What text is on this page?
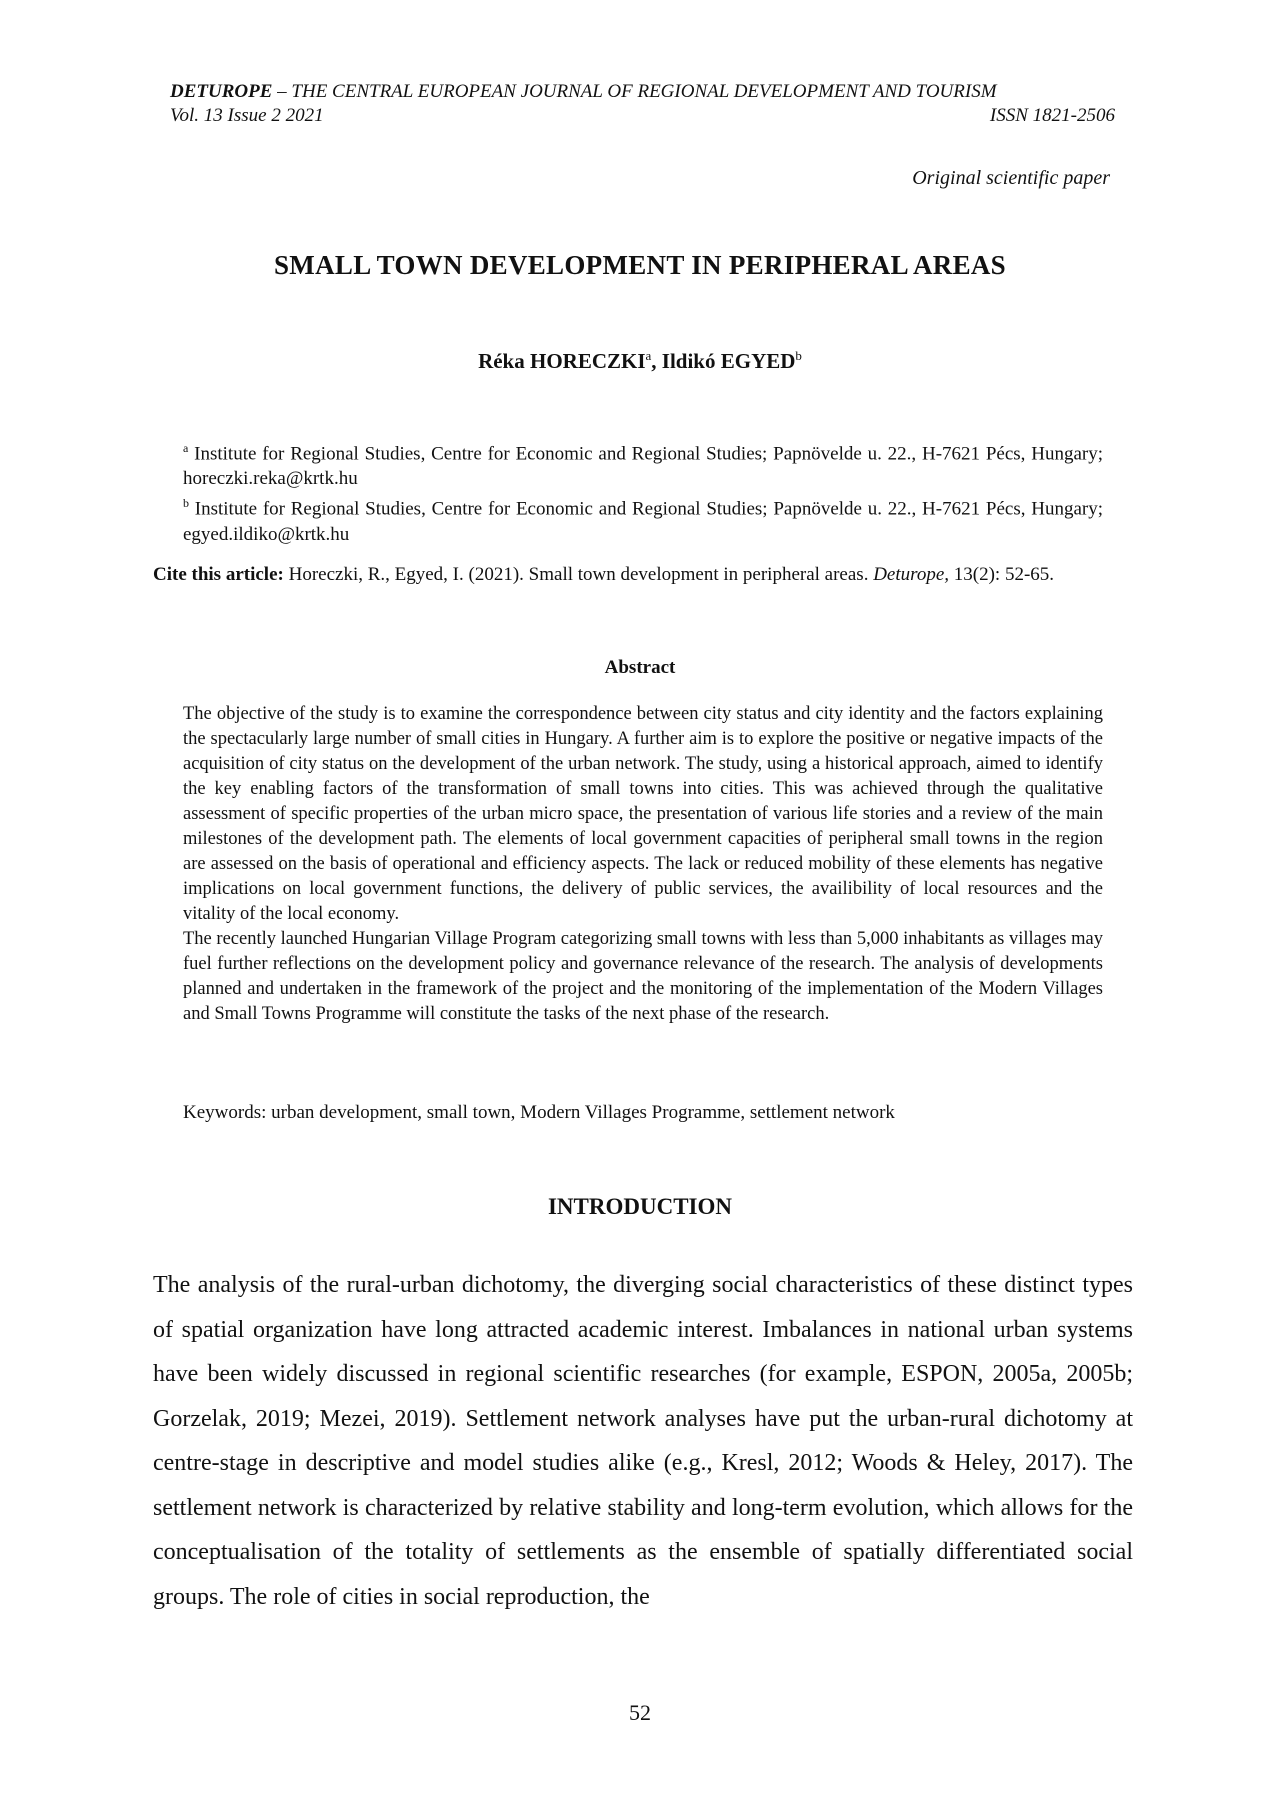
DETUROPE – THE CENTRAL EUROPEAN JOURNAL OF REGIONAL DEVELOPMENT AND TOURISM
Vol. 13 Issue 2 2021	ISSN 1821-2506
Original scientific paper
SMALL TOWN DEVELOPMENT IN PERIPHERAL AREAS
Réka HORECZKI$^a$, Ildikó EGYED$^b$

$^a$ Institute for Regional Studies, Centre for Economic and Regional Studies; Papnövelde u. 22., H-7621 Pécs, Hungary; horeczki.reka@krtk.hu

$^b$ Institute for Regional Studies, Centre for Economic and Regional Studies; Papnövelde u. 22., H-7621 Pécs, Hungary; egyed.ildiko@krtk.hu

Cite this article: Horeczki, R., Egyed, I. (2021). Small town development in peripheral areas. Deturope, 13(2): 52-65.
Abstract

The objective of the study is to examine the correspondence between city status and city identity and the factors explaining the spectacularly large number of small cities in Hungary. A further aim is to explore the positive or negative impacts of the acquisition of city status on the development of the urban network. The study, using a historical approach, aimed to identify the key enabling factors of the transformation of small towns into cities. This was achieved through the qualitative assessment of specific properties of the urban micro space, the presentation of various life stories and a review of the main milestones of the development path. The elements of local government capacities of peripheral small towns in the region are assessed on the basis of operational and efficiency aspects. The lack or reduced mobility of these elements has negative implications on local government functions, the delivery of public services, the availibility of local resources and the vitality of the local economy.

The recently launched Hungarian Village Program categorizing small towns with less than 5,000 inhabitants as villages may fuel further reflections on the development policy and governance relevance of the research. The analysis of developments planned and undertaken in the framework of the project and the monitoring of the implementation of the Modern Villages and Small Towns Programme will constitute the tasks of the next phase of the research.

Keywords: urban development, small town, Modern Villages Programme, settlement network
INTRODUCTION

The analysis of the rural-urban dichotomy, the diverging social characteristics of these distinct types of spatial organization have long attracted academic interest. Imbalances in national urban systems have been widely discussed in regional scientific researches (for example, ESPON, 2005a, 2005b; Gorzelak, 2019; Mezei, 2019). Settlement network analyses have put the urban-rural dichotomy at centre-stage in descriptive and model studies alike (e.g., Kresl, 2012; Woods & Heley, 2017). The settlement network is characterized by relative stability and long-term evolution, which allows for the conceptualisation of the totality of settlements as the ensemble of spatially differentiated social groups. The role of cities in social reproduction, the

52
